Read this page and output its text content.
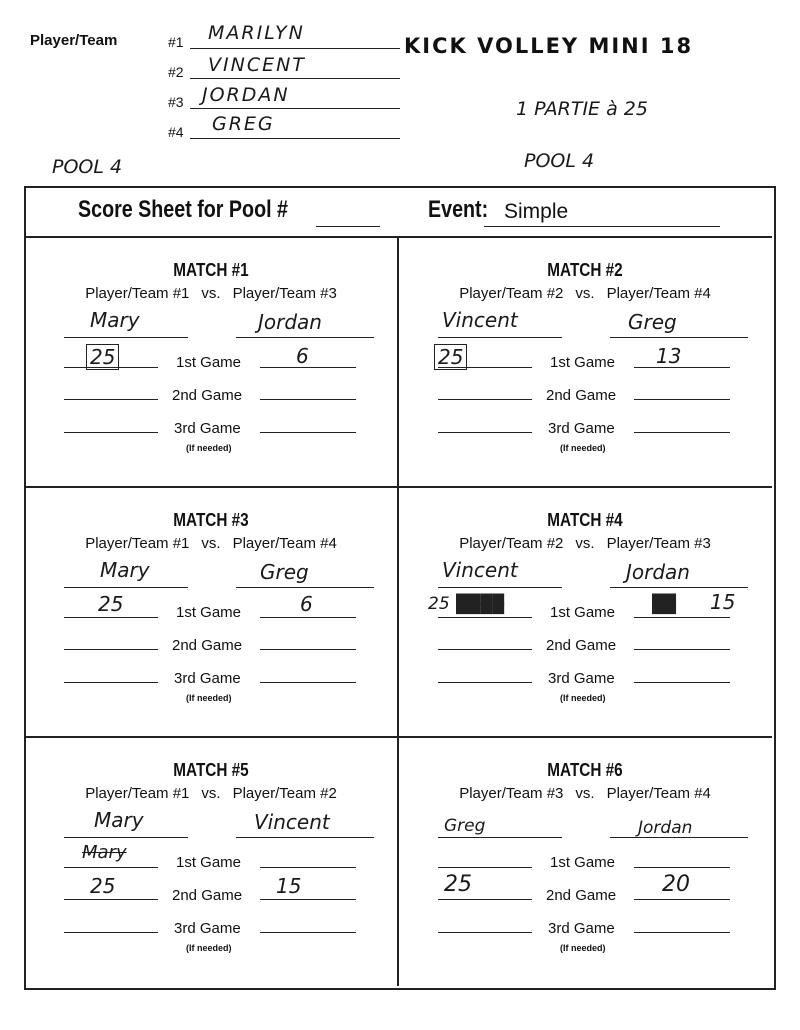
Player/Team	#1 MARILYN
#2 VINCENT
#3 JORDAN
#4 GREG
KICK VOLLEY MINI 18
1 PARTIE à 25
POOL 4	POOL 4
Score Sheet for Pool #	Event: Simple
MATCH #1
Player/Team #1 vs. Player/Team #3
Mary	Jordan
25	1st Game	6
2nd Game
3rd Game
(If needed)
MATCH #2
Player/Team #2 vs. Player/Team #4
Vincent	Greg
25	1st Game 13
2nd Game
3rd Game
(If needed)
MATCH #3
Player/Team #1 vs. Player/Team #4
Mary	Greg
25	1st Game	6
2nd Game
3rd Game
(If needed)
MATCH #4
Player/Team #2 vs. Player/Team #3
Vincent	Jordan
25 ████	1st Game ██ 15
2nd Game
3rd Game
(If needed)
MATCH #5
Player/Team #1 vs. Player/Team #2
Mary	Vincent
Mary	1st Game
25	2nd Game 15
3rd Game
(If needed)
MATCH #6
Player/Team #3 vs. Player/Team #4
Greg	Jordan
1st Game
25	2nd Game 20
3rd Game
(If needed)
